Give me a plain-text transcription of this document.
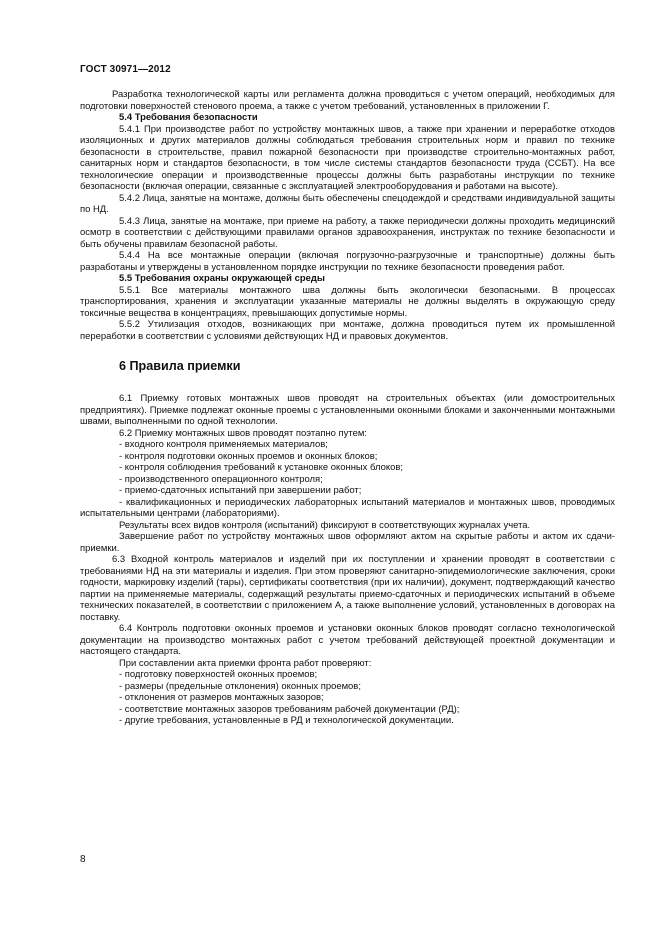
ГОСТ 30971—2012

Разработка технологической карты или регламента должна проводиться с учетом операций, необходимых для подготовки поверхностей стенового проема, а также с учетом требований, установленных в приложении Г.

5.4 Требования безопасности

5.4.1 При производстве работ по устройству монтажных швов, а также при хранении и переработке отходов изоляционных и других материалов должны соблюдаться требования строительных норм и правил по технике безопасности в строительстве, правил пожарной безопасности при производстве строительно-монтажных работ, санитарных норм и стандартов безопасности, в том числе системы стандартов безопасности труда (ССБТ). На все технологические операции и производственные процессы должны быть разработаны инструкции по технике безопасности (включая операции, связанные с эксплуатацией электрооборудования и работами на высоте).

5.4.2 Лица, занятые на монтаже, должны быть обеспечены спецодеждой и средствами индивидуальной защиты по НД.

5.4.3 Лица, занятые на монтаже, при приеме на работу, а также периодически должны проходить медицинский осмотр в соответствии с действующими правилами органов здравоохранения, инструктаж по технике безопасности и быть обучены правилам безопасной работы.

5.4.4 На все монтажные операции (включая погрузочно-разгрузочные и транспортные) должны быть разработаны и утверждены в установленном порядке инструкции по технике безопасности проведения работ.

5.5 Требования охраны окружающей среды

5.5.1 Все материалы монтажного шва должны быть экологически безопасными. В процессах транспортирования, хранения и эксплуатации указанные материалы не должны выделять в окружающую среду токсичные вещества в концентрациях, превышающих допустимые нормы.

5.5.2 Утилизация отходов, возникающих при монтаже, должна проводиться путем их промышленной переработки в соответствии с условиями действующих НД и правовых документов.

6 Правила приемки

6.1 Приемку готовых монтажных швов проводят на строительных объектах (или домостроительных предприятиях). Приемке подлежат оконные проемы с установленными оконными блоками и законченными монтажными швами, выполненными по одной технологии.

6.2 Приемку монтажных швов проводят поэтапно путем:

- входного контроля применяемых материалов;

- контроля подготовки оконных проемов и оконных блоков;

- контроля соблюдения требований к установке оконных блоков;

- производственного операционного контроля;

- приемо-сдаточных испытаний при завершении работ;

- квалификационных и периодических лабораторных испытаний материалов и монтажных швов, проводимых испытательными центрами (лабораториями).

Результаты всех видов контроля (испытаний) фиксируют в соответствующих журналах учета.

Завершение работ по устройству монтажных швов оформляют актом на скрытые работы и актом их сдачи-приемки.

6.3 Входной контроль материалов и изделий при их поступлении и хранении проводят в соответствии с требованиями НД на эти материалы и изделия. При этом проверяют санитарно-эпидемиологические заключения, сроки годности, маркировку изделий (тары), сертификаты соответствия (при их наличии), документ, подтверждающий качество партии на применяемые материалы, содержащий результаты приемо-сдаточных и периодических испытаний в объеме технических показателей, в соответствии с приложением А, а также выполнение условий, установленных в договорах на поставку.

6.4 Контроль подготовки оконных проемов и установки оконных блоков проводят согласно технологической документации на производство монтажных работ с учетом требований действующей проектной документации и настоящего стандарта.

При составлении акта приемки фронта работ проверяют:

- подготовку поверхностей оконных проемов;

- размеры (предельные отклонения) оконных проемов;

- отклонения от размеров монтажных зазоров;

- соответствие монтажных зазоров требованиям рабочей документации (РД);

- другие требования, установленные в РД и технологической документации.

8
